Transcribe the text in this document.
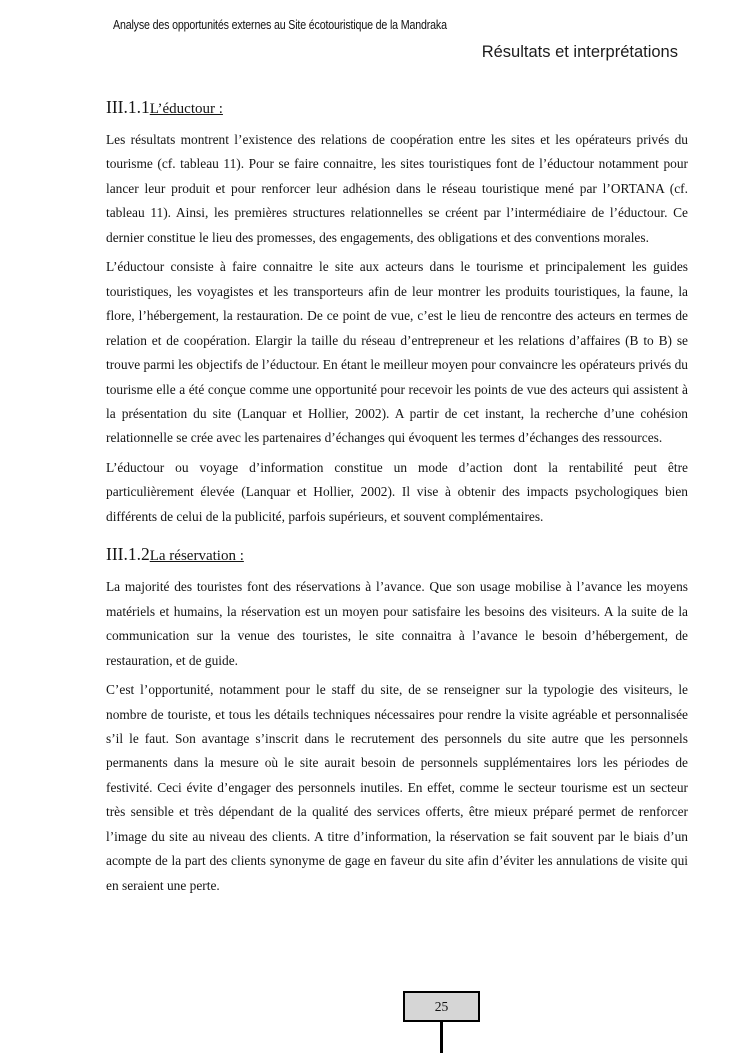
Analyse des opportunités externes au Site écotouristique de la Mandraka
Résultats et interprétations
III.1.1L’éductour :

Les résultats montrent l’existence des relations de coopération entre les sites et les opérateurs privés du tourisme (cf. tableau 11). Pour se faire connaitre, les sites touristiques font de l’éductour notamment pour lancer leur produit et pour renforcer leur adhésion dans le réseau touristique mené par l’ORTANA (cf. tableau 11). Ainsi, les premières structures relationnelles se créent par l’intermédiaire de l’éductour. Ce dernier constitue le lieu des promesses, des engagements, des obligations et des conventions morales.

L’éductour consiste à faire connaitre le site aux acteurs dans le tourisme et principalement les guides touristiques, les voyagistes et les transporteurs afin de leur montrer les produits touristiques, la faune, la flore, l’hébergement, la restauration. De ce point de vue, c’est le lieu de rencontre des acteurs en termes de relation et de coopération. Elargir la taille du réseau d’entrepreneur et les relations d’affaires (B to B) se trouve parmi les objectifs de l’éductour. En étant le meilleur moyen pour convaincre les opérateurs privés du tourisme elle a été conçue comme une opportunité pour recevoir les points de vue des acteurs qui assistent à la présentation du site (Lanquar et Hollier, 2002). A partir de cet instant, la recherche d’une cohésion relationnelle se crée avec les partenaires d’échanges qui évoquent les termes d’échanges des ressources.

L’éductour ou voyage d’information constitue un mode d’action dont la rentabilité peut être particulièrement élevée (Lanquar et Hollier, 2002). Il vise à obtenir des impacts psychologiques bien différents de celui de la publicité, parfois supérieurs, et souvent complémentaires.

III.1.2La réservation :

La majorité des touristes font des réservations à l’avance. Que son usage mobilise à l’avance les moyens matériels et humains, la réservation est un moyen pour satisfaire les besoins des visiteurs. A la suite de la communication sur la venue des touristes, le site connaitra à l’avance le besoin d’hébergement, de restauration, et de guide.

C’est l’opportunité, notamment pour le staff du site, de se renseigner sur la typologie des visiteurs, le nombre de touriste, et tous les détails techniques nécessaires pour rendre la visite agréable et personnalisée s’il le faut. Son avantage s’inscrit dans le recrutement des personnels du site autre que les personnels permanents dans la mesure où le site aurait besoin de personnels supplémentaires lors les périodes de festivité. Ceci évite d’engager des personnels inutiles. En effet, comme le secteur tourisme est un secteur très sensible et très dépendant de la qualité des services offerts, être mieux préparé permet de renforcer l’image du site au niveau des clients. A titre d’information, la réservation se fait souvent par le biais d’un acompte de la part des clients synonyme de gage en faveur du site afin d’éviter les annulations de visite qui en seraient une perte.

25
